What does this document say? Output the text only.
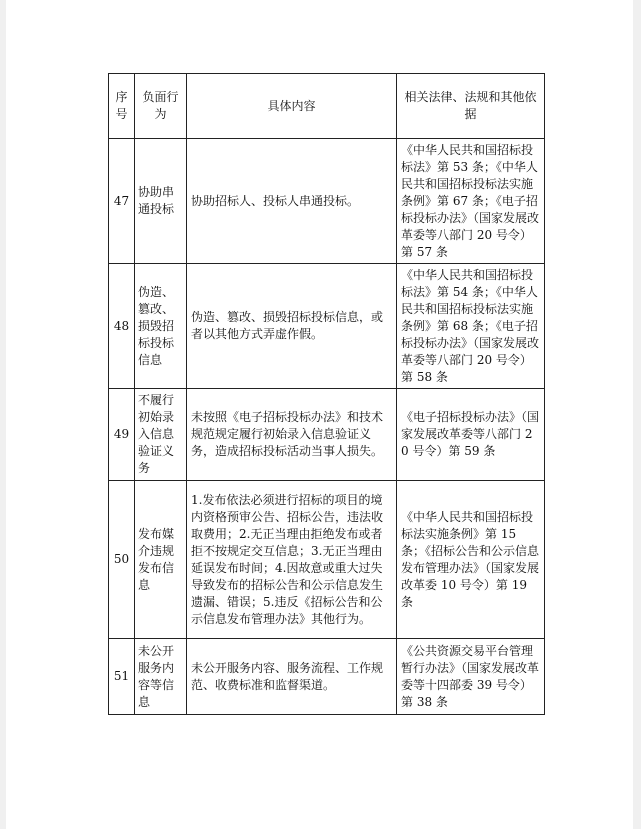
序号	负面行为	具体内容	相关法律、法规和其他依据
47	协助串通投标	协助招标人、投标人串通投标。	《中华人民共和国招标投标法》第 53 条；《中华人民共和国招标投标法实施条例》第 67 条；《电子招标投标办法》（国家发展改革委等八部门 20 号令）第 57 条
48	伪造、篡改、损毁招标投标信息	伪造、篡改、损毁招标投标信息，或者以其他方式弄虚作假。	《中华人民共和国招标投标法》第 54 条；《中华人民共和国招标投标法实施条例》第 68 条；《电子招标投标办法》（国家发展改革委等八部门 20 号令）第 58 条
49	不履行初始录入信息验证义务	未按照《电子招标投标办法》和技术规范规定履行初始录入信息验证义务，造成招标投标活动当事人损失。	《电子招标投标办法》（国家发展改革委等八部门 20 号令）第 59 条
50	发布媒介违规发布信息	1.发布依法必须进行招标的项目的境内资格预审公告、招标公告，违法收取费用；2.无正当理由拒绝发布或者拒不按规定交互信息；3.无正当理由延误发布时间；4.因故意或重大过失导致发布的招标公告和公示信息发生遗漏、错误；5.违反《招标公告和公示信息发布管理办法》其他行为。	《中华人民共和国招标投标法实施条例》第 15 条；《招标公告和公示信息发布管理办法》（国家发展改革委 10 号令）第 19 条
51	未公开服务内容等信息	未公开服务内容、服务流程、工作规范、收费标准和监督渠道。	《公共资源交易平台管理暂行办法》（国家发展改革委等十四部委 39 号令）第 38 条
